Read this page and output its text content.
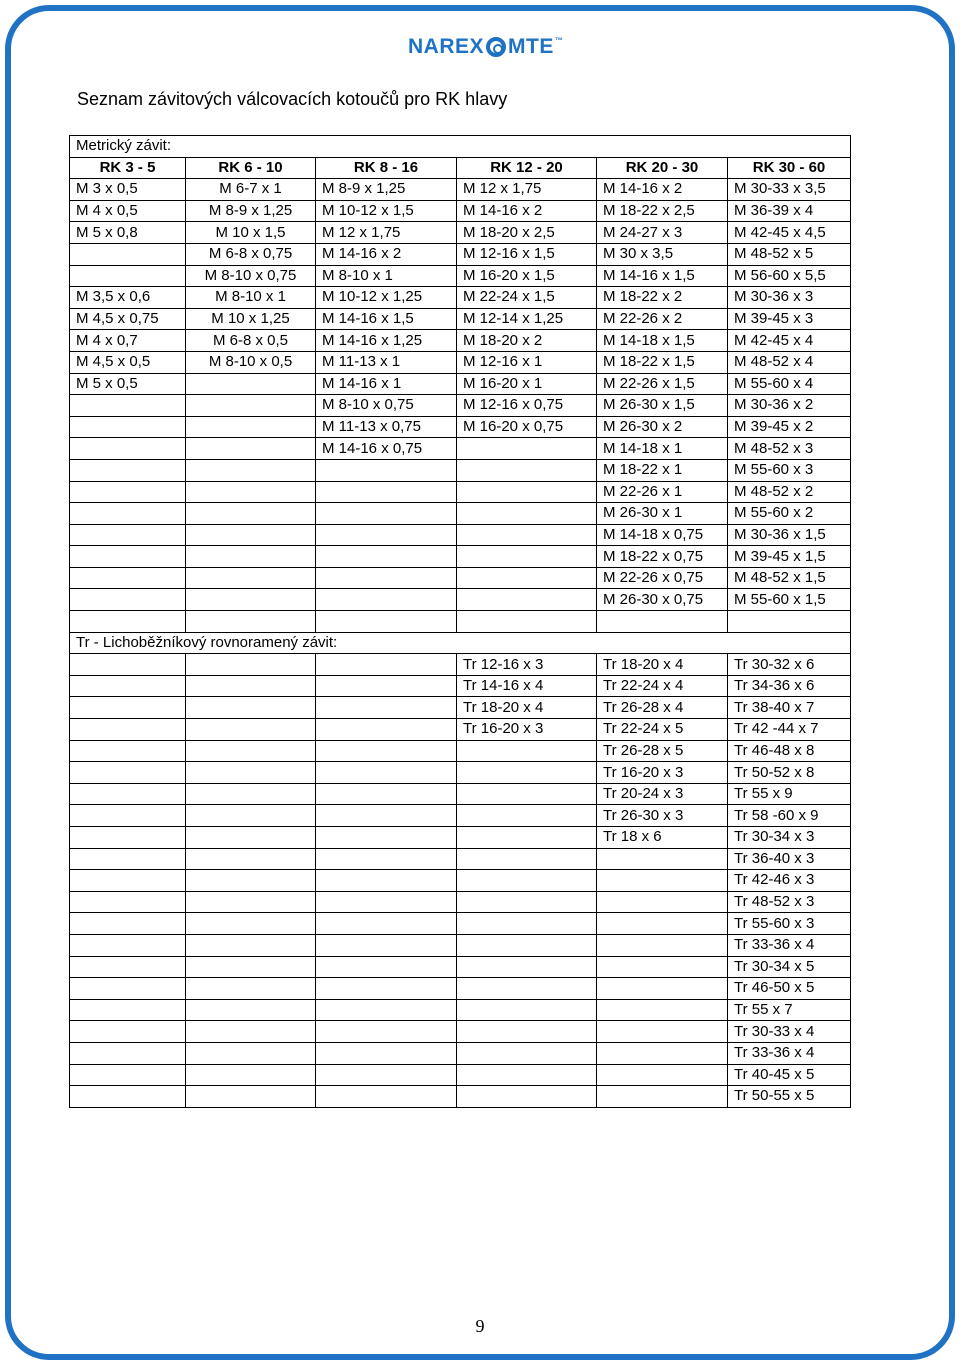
NAREX MTE™
Seznam závitových válcovacích kotoučů pro RK hlavy
Metrický závit:					
RK 3 - 5	RK 6 - 10	RK 8 - 16	RK 12 - 20	RK 20 - 30	RK 30 - 60
M 3 x 0,5	M 6-7 x 1	M 8-9 x 1,25	M 12 x 1,75	M 14-16 x 2	M 30-33 x 3,5
M 4 x 0,5	M 8-9 x 1,25	M 10-12 x 1,5	M 14-16 x 2	M 18-22 x 2,5	M 36-39 x 4
M 5 x 0,8	M 10 x 1,5	M 12 x 1,75	M 18-20 x 2,5	M 24-27 x 3	M 42-45 x 4,5
	M 6-8 x 0,75	M 14-16 x 2	M 12-16 x 1,5	M 30 x 3,5	M 48-52 x 5
	M 8-10 x 0,75	M 8-10 x 1	M 16-20 x 1,5	M 14-16 x 1,5	M 56-60 x 5,5
M 3,5 x 0,6	M 8-10 x 1	M 10-12 x 1,25	M 22-24 x 1,5	M 18-22 x 2	M 30-36 x 3
M 4,5 x 0,75	M 10 x 1,25	M 14-16 x 1,5	M 12-14 x 1,25	M 22-26 x 2	M 39-45 x 3
M 4 x 0,7	M 6-8 x 0,5	M 14-16 x 1,25	M 18-20 x 2	M 14-18 x 1,5	M 42-45 x 4
M 4,5 x 0,5	M 8-10 x 0,5	M 11-13 x 1	M 12-16 x 1	M 18-22 x 1,5	M 48-52 x 4
M 5 x 0,5		M 14-16 x 1	M 16-20 x 1	M 22-26 x 1,5	M 55-60 x 4
		M 8-10 x 0,75	M 12-16 x 0,75	M 26-30 x 1,5	M 30-36 x 2
		M 11-13 x 0,75	M 16-20 x 0,75	M 26-30 x 2	M 39-45 x 2
		M 14-16 x 0,75		M 14-18 x 1	M 48-52 x 3
				M 18-22 x 1	M 55-60 x 3
				M 22-26 x 1	M 48-52 x 2
				M 26-30 x 1	M 55-60 x 2
				M 14-18 x 0,75	M 30-36 x 1,5
				M 18-22 x 0,75	M 39-45 x 1,5
				M 22-26 x 0,75	M 48-52 x 1,5
				M 26-30 x 0,75	M 55-60 x 1,5

Tr - Lichoběžníkový rovnoramený závit:					
			Tr 12-16 x 3	Tr 18-20 x 4	Tr 30-32 x 6
			Tr 14-16 x 4	Tr 22-24 x 4	Tr 34-36 x 6
			Tr 18-20 x 4	Tr 26-28 x 4	Tr 38-40 x 7
			Tr 16-20 x 3	Tr 22-24 x 5	Tr 42 -44 x 7
				Tr 26-28 x 5	Tr 46-48 x 8
				Tr 16-20 x 3	Tr 50-52 x 8
				Tr 20-24 x 3	Tr 55 x 9
				Tr 26-30 x 3	Tr 58 -60 x 9
				Tr 18 x 6	Tr 30-34 x 3
					Tr 36-40 x 3
					Tr 42-46 x 3
					Tr 48-52 x 3
					Tr 55-60 x 3
					Tr 33-36 x 4
					Tr 30-34 x 5
					Tr 46-50 x 5
					Tr 55 x 7
					Tr 30-33 x 4
					Tr 33-36 x 4
					Tr 40-45 x 5
					Tr 50-55 x 5
9
